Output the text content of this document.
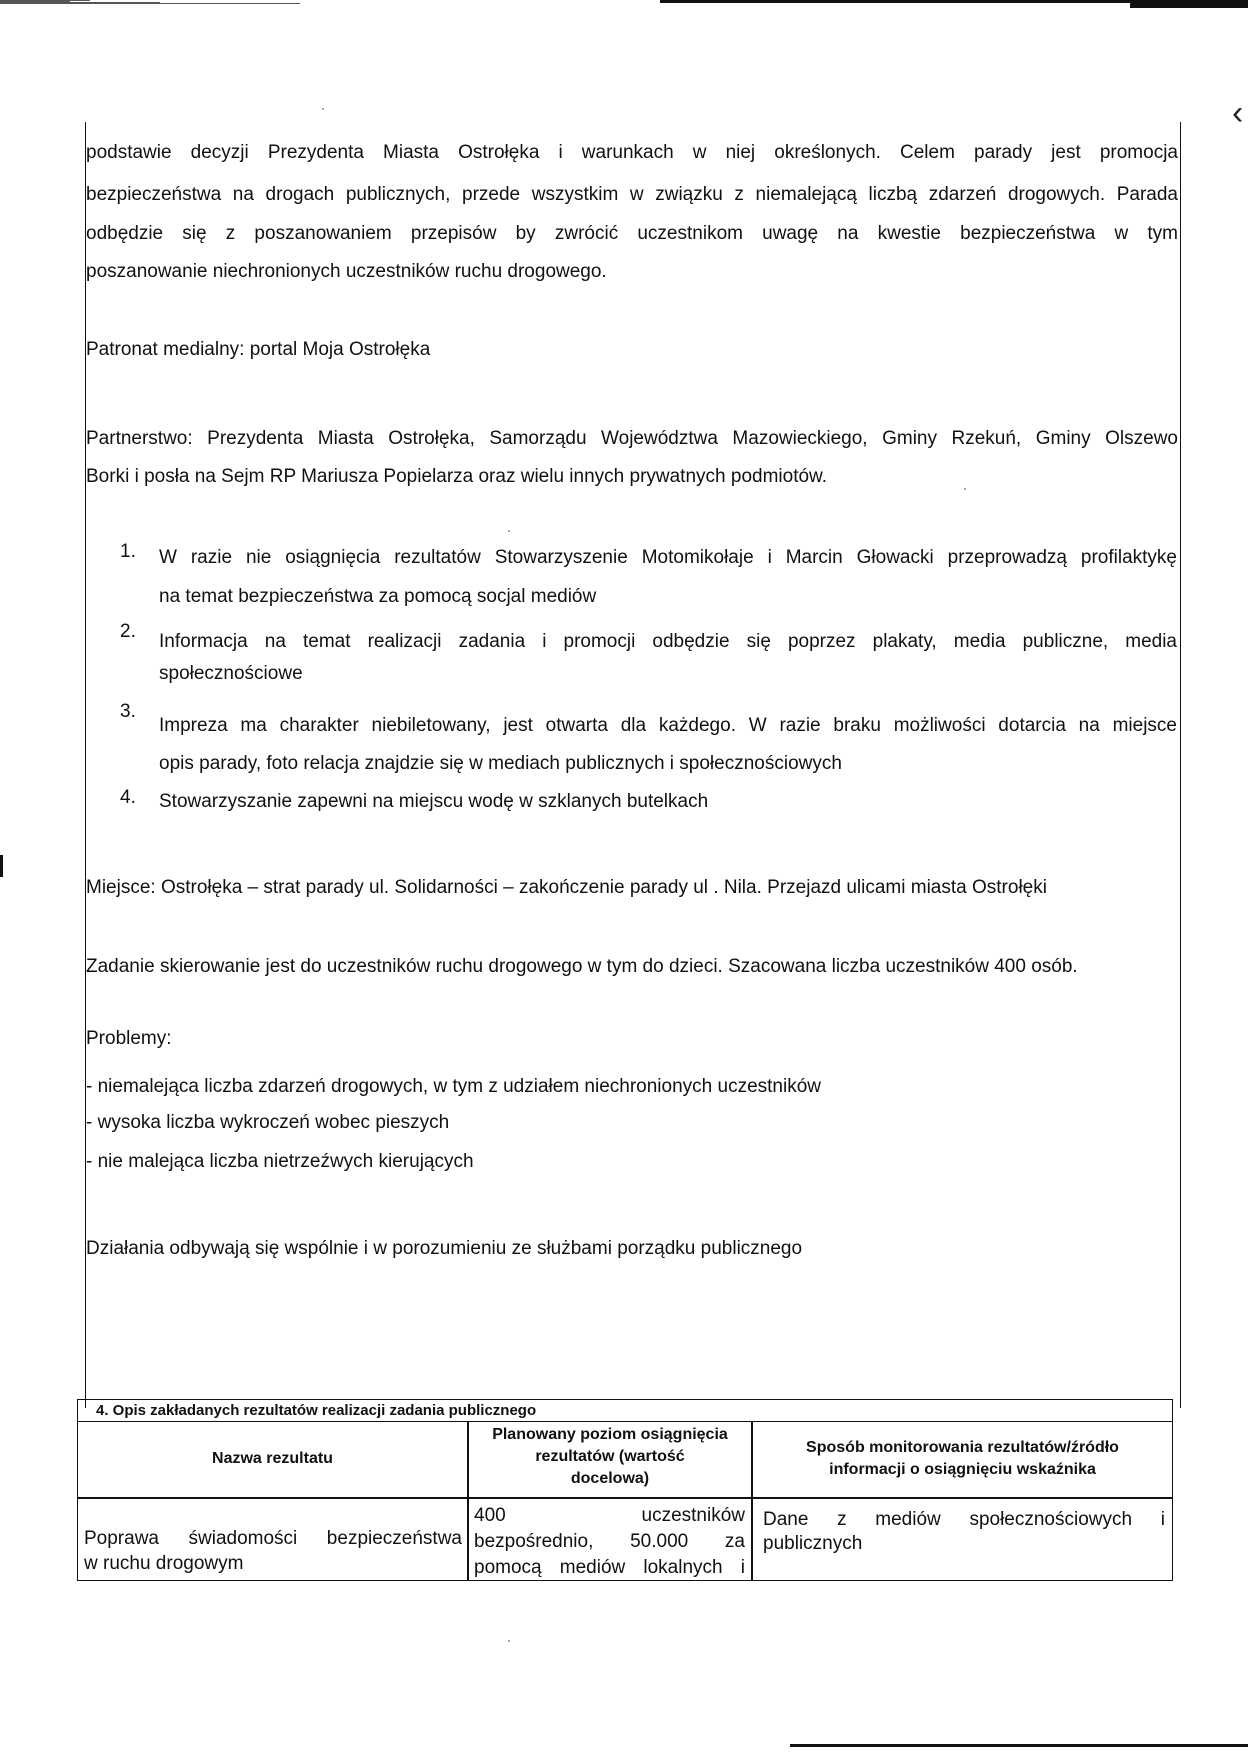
‹
podstawie decyzji Prezydenta Miasta Ostrołęka i warunkach w niej określonych. Celem parady jest promocja
bezpieczeństwa na drogach publicznych, przede wszystkim w związku z niemalejącą liczbą zdarzeń drogowych. Parada
odbędzie się z poszanowaniem przepisów by zwrócić uczestnikom uwagę na kwestie bezpieczeństwa w tym
poszanowanie niechronionych uczestników ruchu drogowego.
Patronat medialny: portal Moja Ostrołęka
Partnerstwo: Prezydenta Miasta Ostrołęka, Samorządu Województwa Mazowieckiego, Gminy Rzekuń, Gminy Olszewo
Borki i posła na Sejm RP Mariusza Popielarza oraz wielu innych prywatnych podmiotów.
1. W razie nie osiągnięcia rezultatów Stowarzyszenie Motomikołaje i Marcin Głowacki przeprowadzą profilaktykę
na temat bezpieczeństwa za pomocą socjal mediów
2. Informacja na temat realizacji zadania i promocji odbędzie się poprzez plakaty, media publiczne, media
społecznościowe
3.
Impreza ma charakter niebiletowany, jest otwarta dla każdego. W razie braku możliwości dotarcia na miejsce
opis parady, foto relacja znajdzie się w mediach publicznych i społecznościowych
4. Stowarzyszanie zapewni na miejscu wodę w szklanych butelkach
Miejsce: Ostrołęka – strat parady ul. Solidarności – zakończenie parady ul . Nila. Przejazd ulicami miasta Ostrołęki
Zadanie skierowanie jest do uczestników ruchu drogowego w tym do dzieci. Szacowana liczba uczestników 400 osób.
Problemy:
- niemalejąca liczba zdarzeń drogowych, w tym z udziałem niechronionych uczestników
- wysoka liczba wykroczeń wobec pieszych
- nie malejąca liczba nietrzeźwych kierujących
Działania odbywają się wspólnie i w porozumieniu ze służbami porządku publicznego
4. Opis zakładanych rezultatów realizacji zadania publicznego
Nazwa rezultatu
Planowany poziom osiągnięcia
rezultatów (wartość
docelowa)
Sposób monitorowania rezultatów/źródło
informacji o osiągnięciu wskaźnika
Poprawa świadomości bezpieczeństwa
w ruchu drogowym
400 uczestników
bezpośrednio, 50.000 za
pomocą mediów lokalnych i
Dane z mediów społecznościowych i
publicznych
